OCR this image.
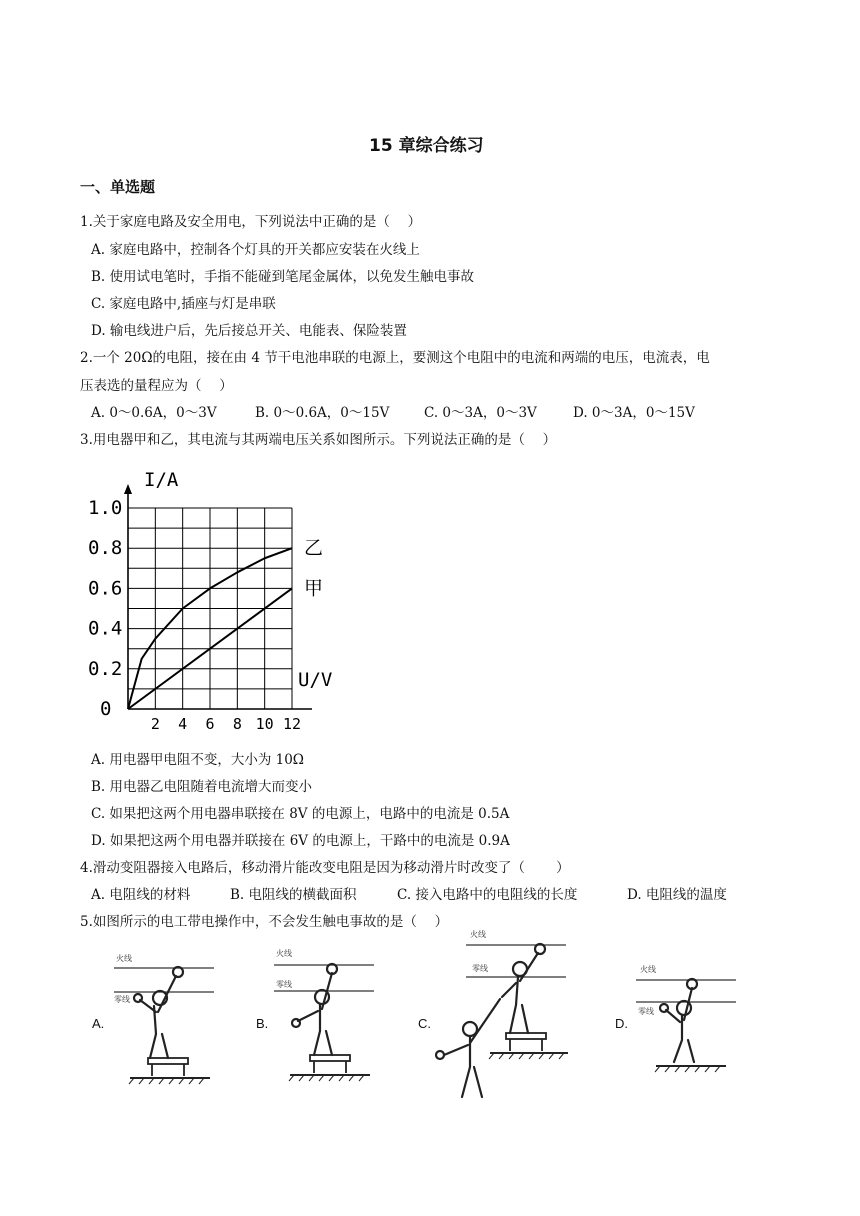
15 章综合练习
一、单选题
1.关于家庭电路及安全用电，下列说法中正确的是（　 ）
A. 家庭电路中，控制各个灯具的开关都应安装在火线上
B. 使用试电笔时，手指不能碰到笔尾金属体，以免发生触电事故
C. 家庭电路中,插座与灯是串联
D. 输电线进户后，先后接总开关、电能表、保险装置
2.一个 20Ω的电阻，接在由 4 节干电池串联的电源上，要测这个电阻中的电流和两端的电压，电流表，电
压表选的量程应为（　 ）
A. 0～0.6A，0～3V	B. 0～0.6A，0～15V	C. 0～3A，0～3V	D. 0～3A，0～15V
3.用电器甲和乙，其电流与其两端电压关系如图所示。下列说法正确的是（　 ）
甲
乙
1.0
0.8
0.6
0.4
0.2
0
2 4 6 8 10 12
I/A
U/V
A. 用电器甲电阻不变，大小为 10Ω
B. 用电器乙电阻随着电流增大而变小
C. 如果把这两个用电器串联接在 8V 的电源上，电路中的电流是 0.5A
D. 如果把这两个用电器并联接在 6V 的电源上，干路中的电流是 0.9A
4.滑动变阻器接入电路后，移动滑片能改变电阻是因为移动滑片时改变了（　　 ）
A. 电阻线的材料	B. 电阻线的横截面积	C. 接入电路中的电阻线的长度	D. 电阻线的温度
5.如图所示的电工带电操作中，不会发生触电事故的是（　 ）
A.	B.	C.	D.
火线
零线
火线
零线
火线
零线	火线
零线
